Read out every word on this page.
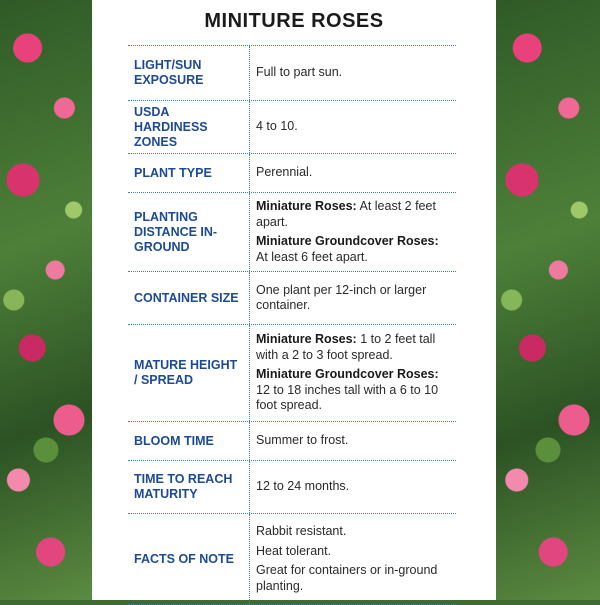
MINITURE ROSES
LIGHT/SUN EXPOSURE

Full to part sun.

USDA HARDINESS ZONES

4 to 10.

PLANT TYPE	Perennial.

PLANTING DISTANCE IN-GROUND

Miniature Roses: At least 2 feet apart.

Miniature Groundcover Roses: At least 6 feet apart.

CONTAINER SIZE

One plant per 12-inch or larger container.

MATURE HEIGHT / SPREAD

Miniature Roses: 1 to 2 feet tall with a 2 to 3 foot spread.

Miniature Groundcover Roses: 12 to 18 inches tall with a 6 to 10 foot spread.

BLOOM TIME	Summer to frost.

TIME TO REACH MATURITY

12 to 24 months.

FACTS OF NOTE

Rabbit resistant.

Heat tolerant.

Great for containers or in-ground planting.
